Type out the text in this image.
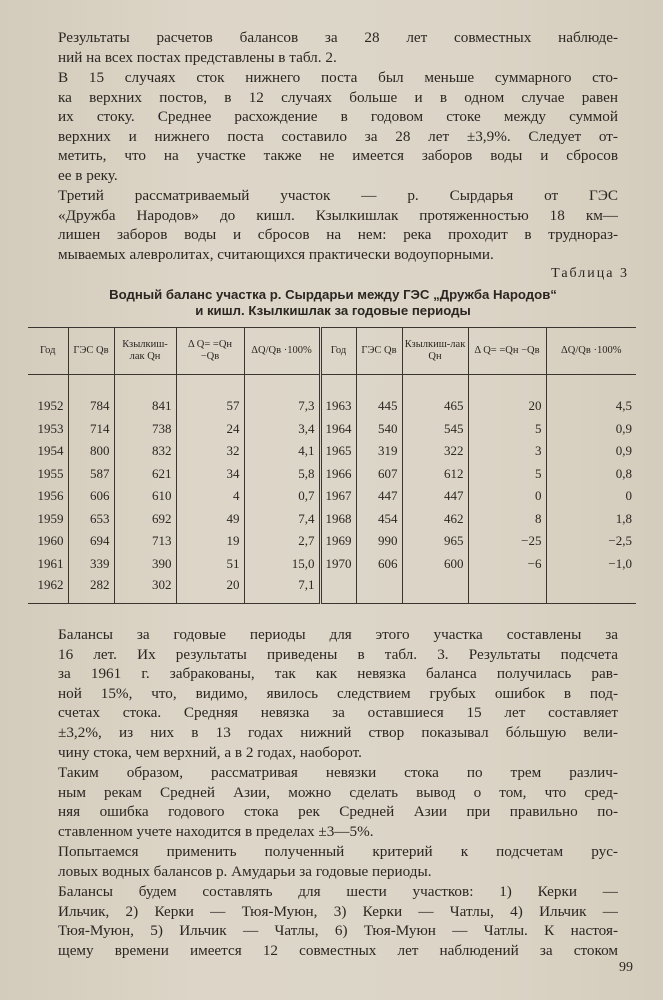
Результаты расчетов балансов за 28 лет совместных наблюде-
ний на всех постах представлены в табл. 2.
В 15 случаях сток нижнего поста был меньше суммарного сто-
ка верхних постов, в 12 случаях больше и в одном случае равен
их стоку. Среднее расхождение в годовом стоке между суммой
верхних и нижнего поста составило за 28 лет ±3,9%. Следует от-
метить, что на участке также не имеется заборов воды и сбросов
ее в реку.
Третий рассматриваемый участок — р. Сырдарья от ГЭС
«Дружба Народов» до кишл. Кзылкишлак протяженностью 18 км—
лишен заборов воды и сбросов на нем: река проходит в труднораз-
мываемых алевролитах, считающихся практически водоупорными.
Таблица 3
Водный баланс участка р. Сырдарьи между ГЭС „Дружба Народов“
и кишл. Кзылкишлак за годовые периоды
Год	ГЭС Qв	Кзылкиш-лак Qн	Δ Q= =Qн −Qв	ΔQ/Qв ·100%	Год	ГЭС Qв	Кзылкиш-лак Qн	Δ Q= =Qн −Qв	ΔQ/Qв ·100%

1952	784	841	57	7,3	1963	445	465	20	4,5
1953	714	738	24	3,4	1964	540	545	5	0,9
1954	800	832	32	4,1	1965	319	322	3	0,9
1955	587	621	34	5,8	1966	607	612	5	0,8
1956	606	610	4	0,7	1967	447	447	0	0
1959	653	692	49	7,4	1968	454	462	8	1,8
1960	694	713	19	2,7	1969	990	965	−25	−2,5
1961	339	390	51	15,0	1970	606	600	−6	−1,0
1962	282	302	20	7,1					
Балансы за годовые периоды для этого участка составлены за
16 лет. Их результаты приведены в табл. 3. Результаты подсчета
за 1961 г. забракованы, так как невязка баланса получилась рав-
ной 15%, что, видимо, явилось следствием грубых ошибок в под-
счетах стока. Средняя невязка за оставшиеся 15 лет составляет
±3,2%, из них в 13 годах нижний створ показывал бóльшую вели-
чину стока, чем верхний, а в 2 годах, наоборот.
Таким образом, рассматривая невязки стока по трем различ-
ным рекам Средней Азии, можно сделать вывод о том, что сред-
няя ошибка годового стока рек Средней Азии при правильно по-
ставленном учете находится в пределах ±3—5%.
Попытаемся применить полученный критерий к подсчетам рус-
ловых водных балансов р. Амударьи за годовые периоды.
Балансы будем составлять для шести участков: 1) Керки —
Ильчик, 2) Керки — Тюя-Муюн, 3) Керки — Чатлы, 4) Ильчик —
Тюя-Муюн, 5) Ильчик — Чатлы, 6) Тюя-Муюн — Чатлы. К настоя-
щему времени имеется 12 совместных лет наблюдений за стоком
99
